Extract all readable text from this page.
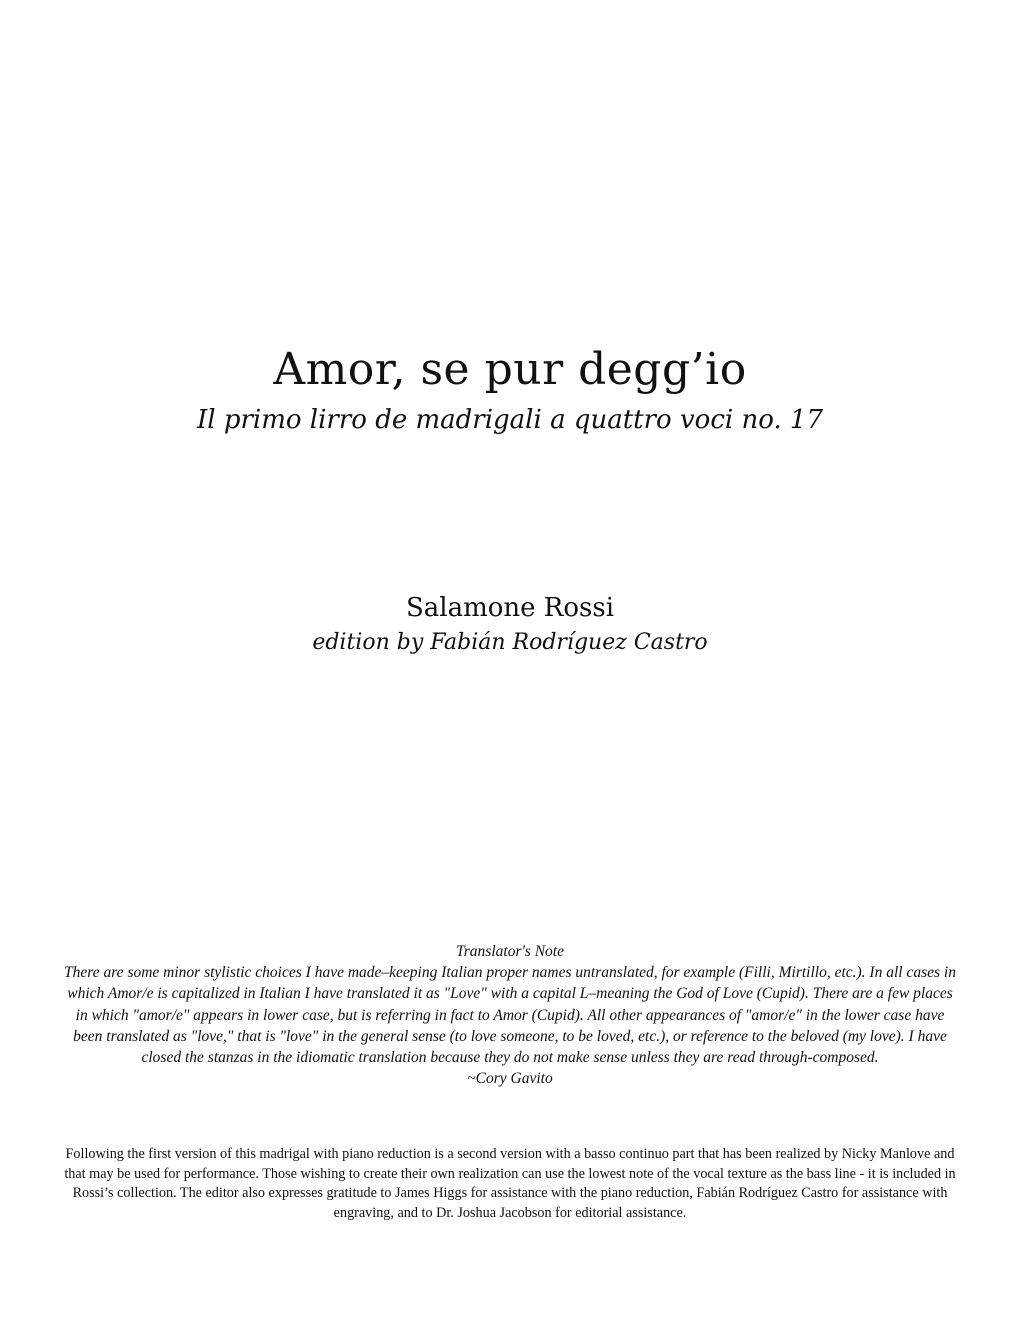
Amor, se pur degg’io
Il primo lirro de madrigali a quattro voci no. 17
Salamone Rossi
edition by Fabián Rodríguez Castro

Translator's Note

There are some minor stylistic choices I have made–keeping Italian proper names untranslated, for example (Filli, Mirtillo, etc.). In all cases in which Amor/e is capitalized in Italian I have translated it as "Love" with a capital L–meaning the God of Love (Cupid). There are a few places in which "amor/e" appears in lower case, but is referring in fact to Amor (Cupid). All other appearances of "amor/e" in the lower case have been translated as "love," that is "love" in the general sense (to love someone, to be loved, etc.), or reference to the beloved (my love). I have closed the stanzas in the idiomatic translation because they do not make sense unless they are read through-composed.

~Cory Gavito

Following the first version of this madrigal with piano reduction is a second version with a basso continuo part that has been realized by Nicky Manlove and that may be used for performance. Those wishing to create their own realization can use the lowest note of the vocal texture as the bass line - it is included in Rossi’s collection. The editor also expresses gratitude to James Higgs for assistance with the piano reduction, Fabián Rodríguez Castro for assistance with engraving, and to Dr. Joshua Jacobson for editorial assistance.
